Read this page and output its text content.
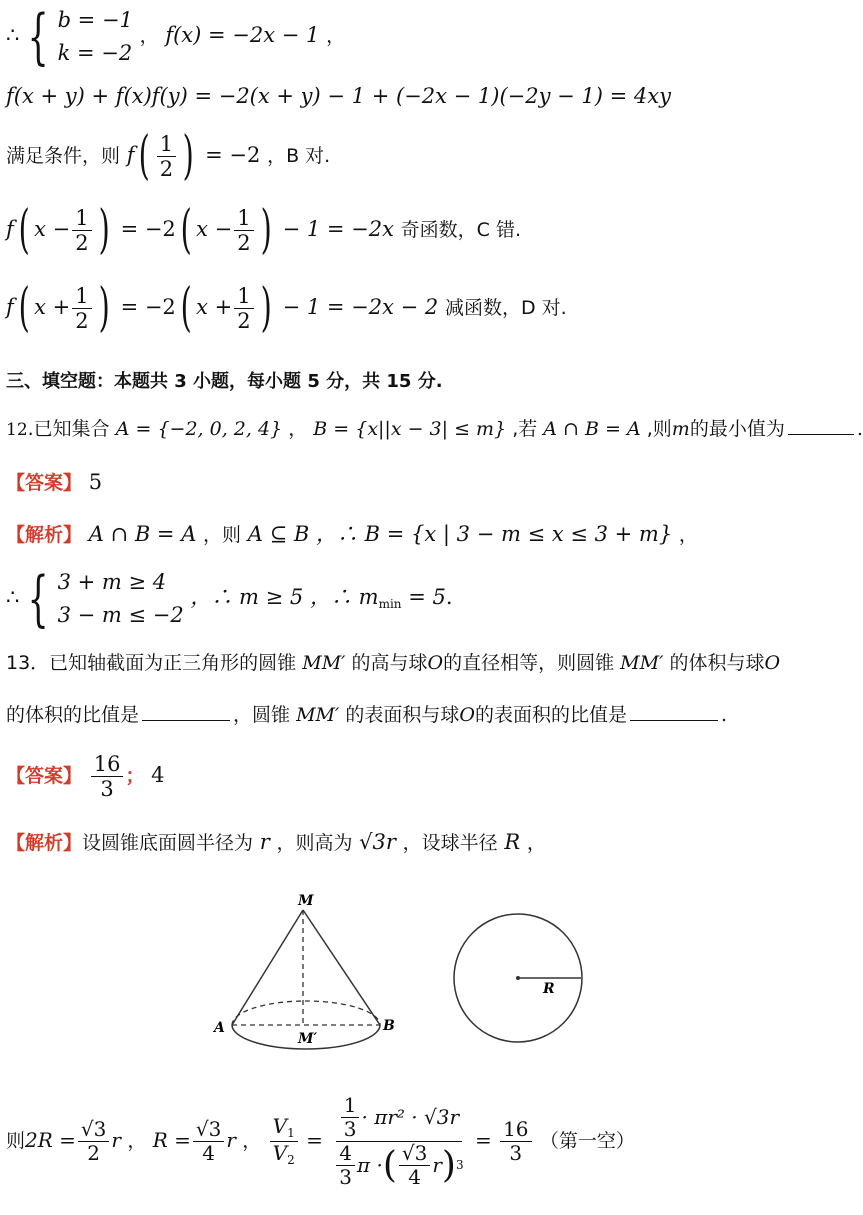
∴ { b = −1
k = −2
， f(x) = −2x − 1 ，
f(x + y) + f(x)f(y) = −2(x + y) − 1 + (−2x − 1)(−2y − 1) = 4xy
满足条件，则 $f( \frac{1}{2}$ ) = −2 ，B 对.
f( $x - \frac{1}{2}$ ) = −2( $x - \frac{1}{2}$ ) − 1 = −2x 奇函数，C 错.
f( $x + \frac{1}{2}$ ) = −2( $x + \frac{1}{2}$ ) − 1 = −2x − 2 减函数，D 对.
三、填空题：本题共 3 小题，每小题 5 分，共 15 分.
12.已知集合 A = {−2, 0, 2, 4} ， B = {x||x − 3| ≤ m} ,若 A ∩ B = A ,则m的最小值为	.
【答案】 5
【解析】 A ∩ B = A ，则 A ⊆ B ，∴ B = {x | 3 − m ≤ x ≤ 3 + m} ，
∴ { 3 + m ≥ 4
3 − m ≤ −2
，∴ m ≥ 5 ，∴ $m_{min} = 5$.
13．已知轴截面为正三角形的圆锥 MM′ 的高与球O的直径相等，则圆锥 MM′ 的体积与球O
的体积的比值是	，圆锥 MM′ 的表面积与球O的表面积的比值是	.
【答案】 $\frac{16}{3}$ ； 4
【解析】设圆锥底面圆半径为 r ，则高为 √3r ，设球半径 R ，
M
A	B
M′
R
则$2R = \frac{√3}{2}$ r ， $R = \frac{√3}{4}$ r ， $\frac{V_1}{V_2} = \frac{\frac{1}{3} \cdot \pi r^2 \cdot √3r}{\frac{4}{3} \pi \cdot ( \frac{√3}{4} r ) 3} = \frac{16}{3}$ （第一空）
